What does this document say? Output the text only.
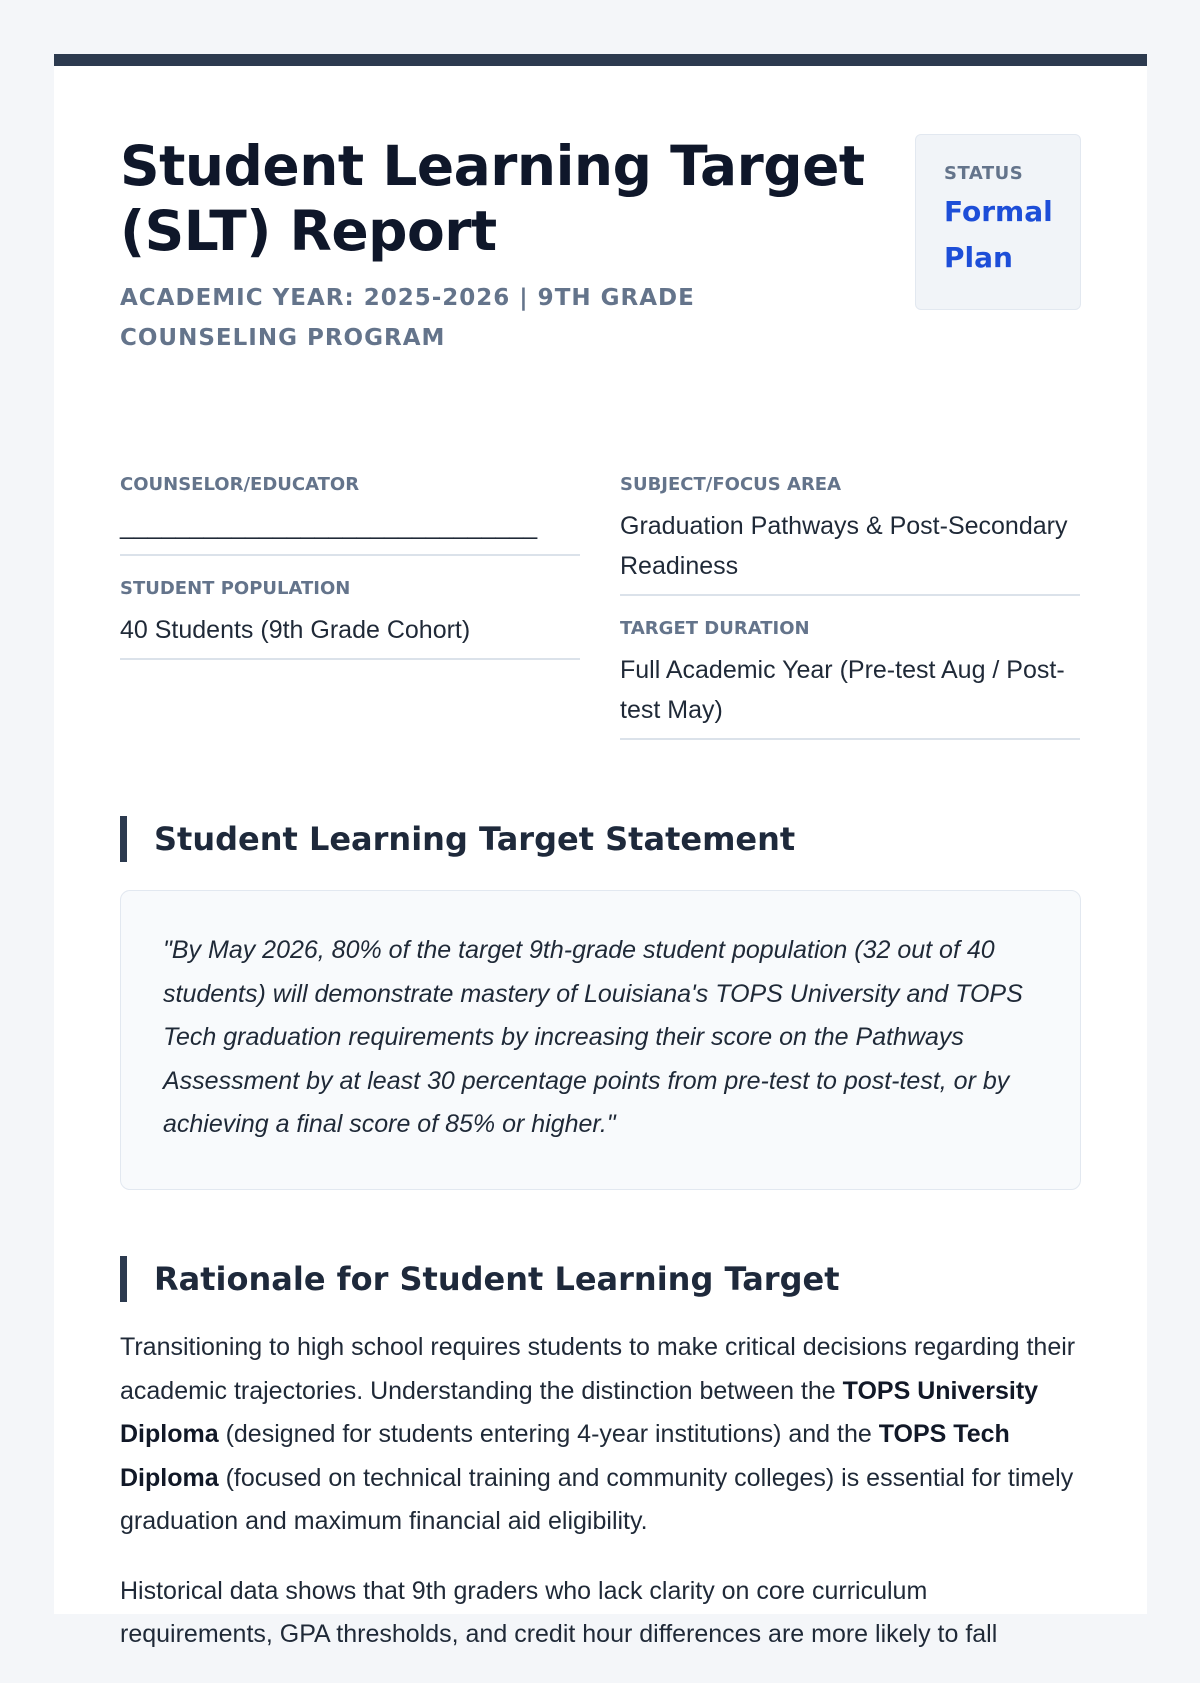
Student Learning Target (SLT) Report

ACADEMIC YEAR: 2025-2026 | 9TH GRADE COUNSELING PROGRAM

STATUS
Formal Plan
COUNSELOR/EDUCATOR
______________________________
STUDENT POPULATION
40 Students (9th Grade Cohort)
SUBJECT/FOCUS AREA
Graduation Pathways & Post-Secondary Readiness
TARGET DURATION
Full Academic Year (Pre-test Aug / Post-test May)
Student Learning Target Statement

"By May 2026, 80% of the target 9th-grade student population (32 out of 40 students) will demonstrate mastery of Louisiana's TOPS University and TOPS Tech graduation requirements by increasing their score on the Pathways Assessment by at least 30 percentage points from pre-test to post-test, or by achieving a final score of 85% or higher."

Rationale for Student Learning Target

Transitioning to high school requires students to make critical decisions regarding their academic trajectories. Understanding the distinction between the TOPS University Diploma (designed for students entering 4-year institutions) and the TOPS Tech Diploma (focused on technical training and community colleges) is essential for timely graduation and maximum financial aid eligibility.

Historical data shows that 9th graders who lack clarity on core curriculum requirements, GPA thresholds, and credit hour differences are more likely to fall
